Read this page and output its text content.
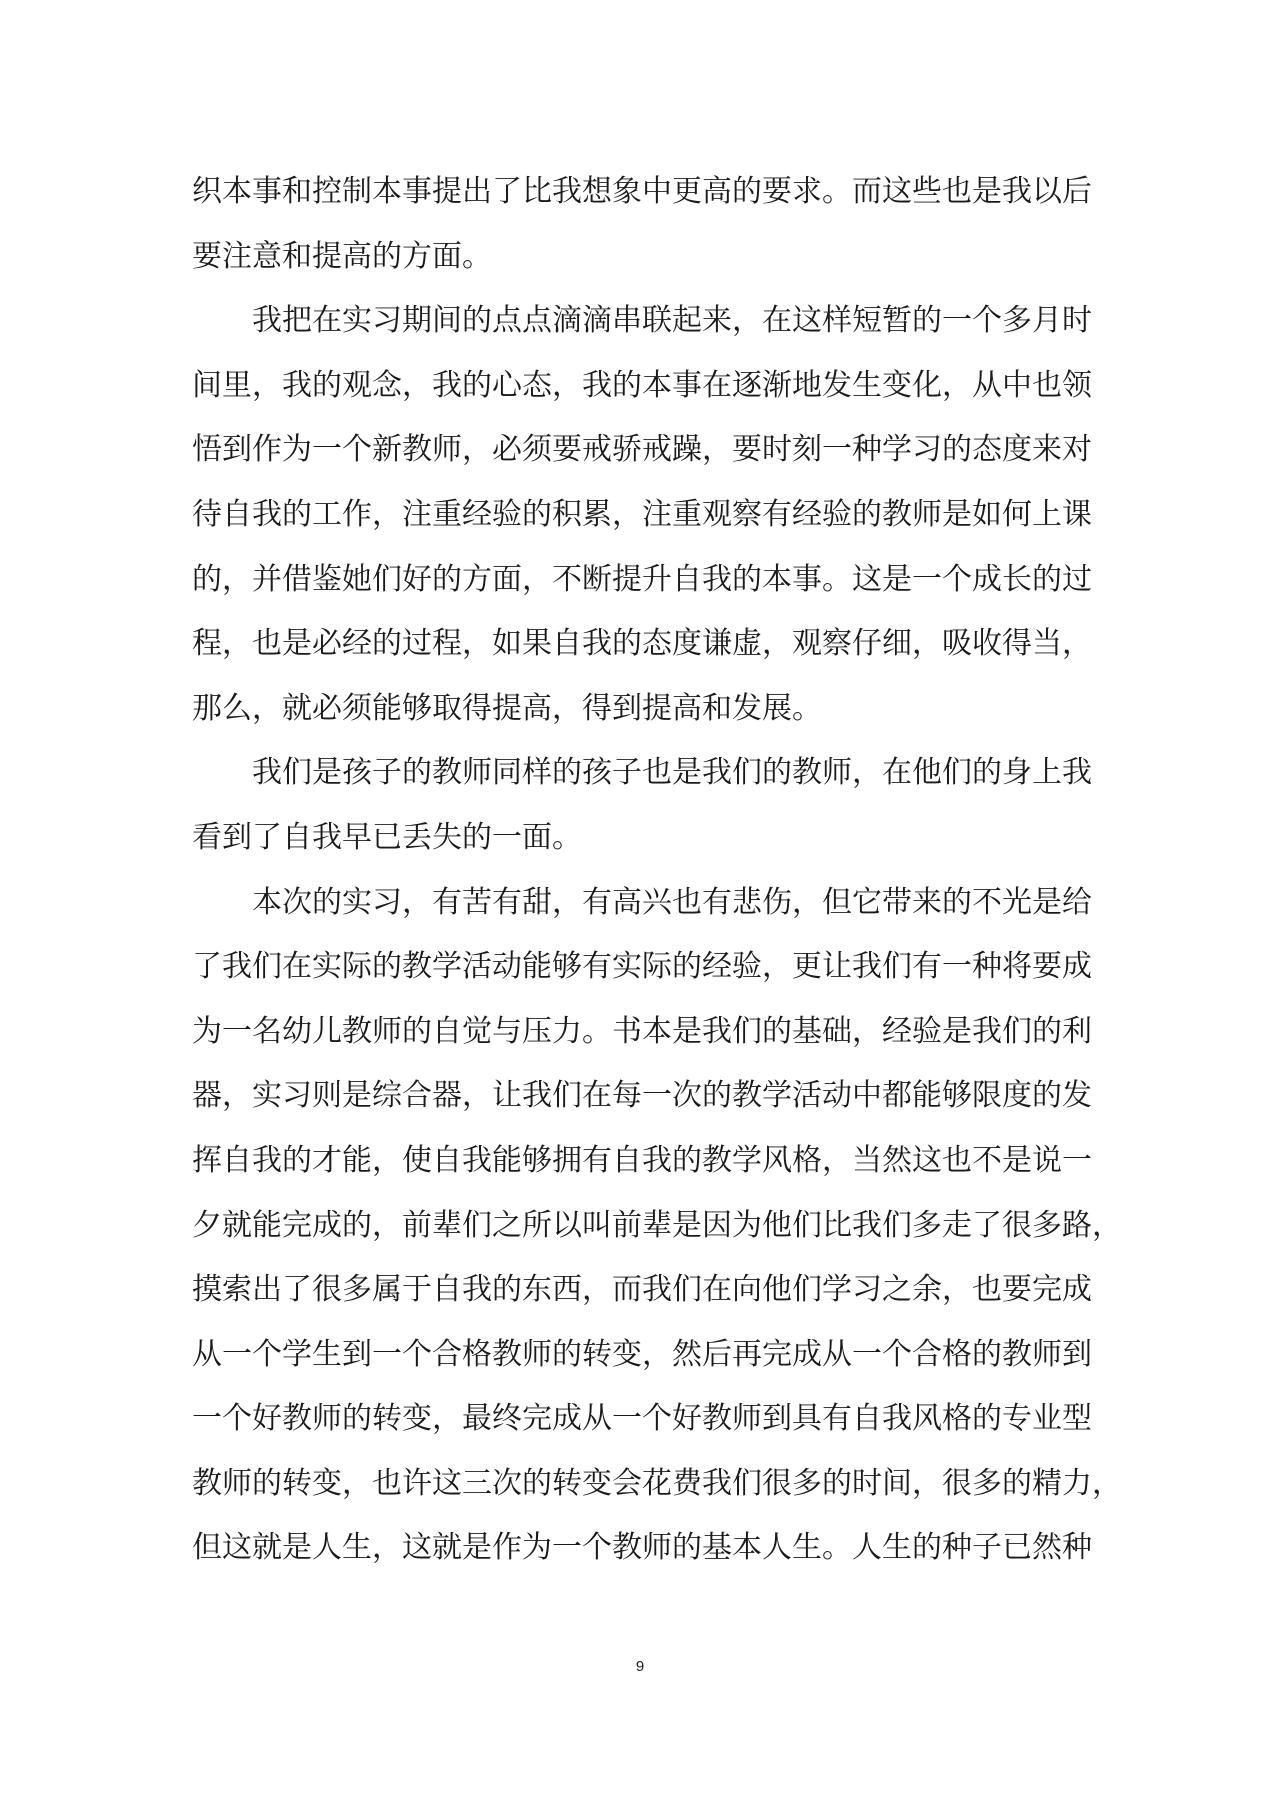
织本事和控制本事提出了比我想象中更高的要求。而这些也是我以后
要注意和提高的方面。
我把在实习期间的点点滴滴串联起来，在这样短暂的一个多月时
间里，我的观念，我的心态，我的本事在逐渐地发生变化，从中也领
悟到作为一个新教师，必须要戒骄戒躁，要时刻一种学习的态度来对
待自我的工作，注重经验的积累，注重观察有经验的教师是如何上课
的，并借鉴她们好的方面，不断提升自我的本事。这是一个成长的过
程，也是必经的过程，如果自我的态度谦虚，观察仔细，吸收得当，
那么，就必须能够取得提高，得到提高和发展。
我们是孩子的教师同样的孩子也是我们的教师，在他们的身上我
看到了自我早已丢失的一面。
本次的实习，有苦有甜，有高兴也有悲伤，但它带来的不光是给
了我们在实际的教学活动能够有实际的经验，更让我们有一种将要成
为一名幼儿教师的自觉与压力。书本是我们的基础，经验是我们的利
器，实习则是综合器，让我们在每一次的教学活动中都能够限度的发
挥自我的才能，使自我能够拥有自我的教学风格，当然这也不是说一
夕就能完成的，前辈们之所以叫前辈是因为他们比我们多走了很多路，
摸索出了很多属于自我的东西，而我们在向他们学习之余，也要完成
从一个学生到一个合格教师的转变，然后再完成从一个合格的教师到
一个好教师的转变，最终完成从一个好教师到具有自我风格的专业型
教师的转变，也许这三次的转变会花费我们很多的时间，很多的精力，
但这就是人生，这就是作为一个教师的基本人生。人生的种子已然种
9
